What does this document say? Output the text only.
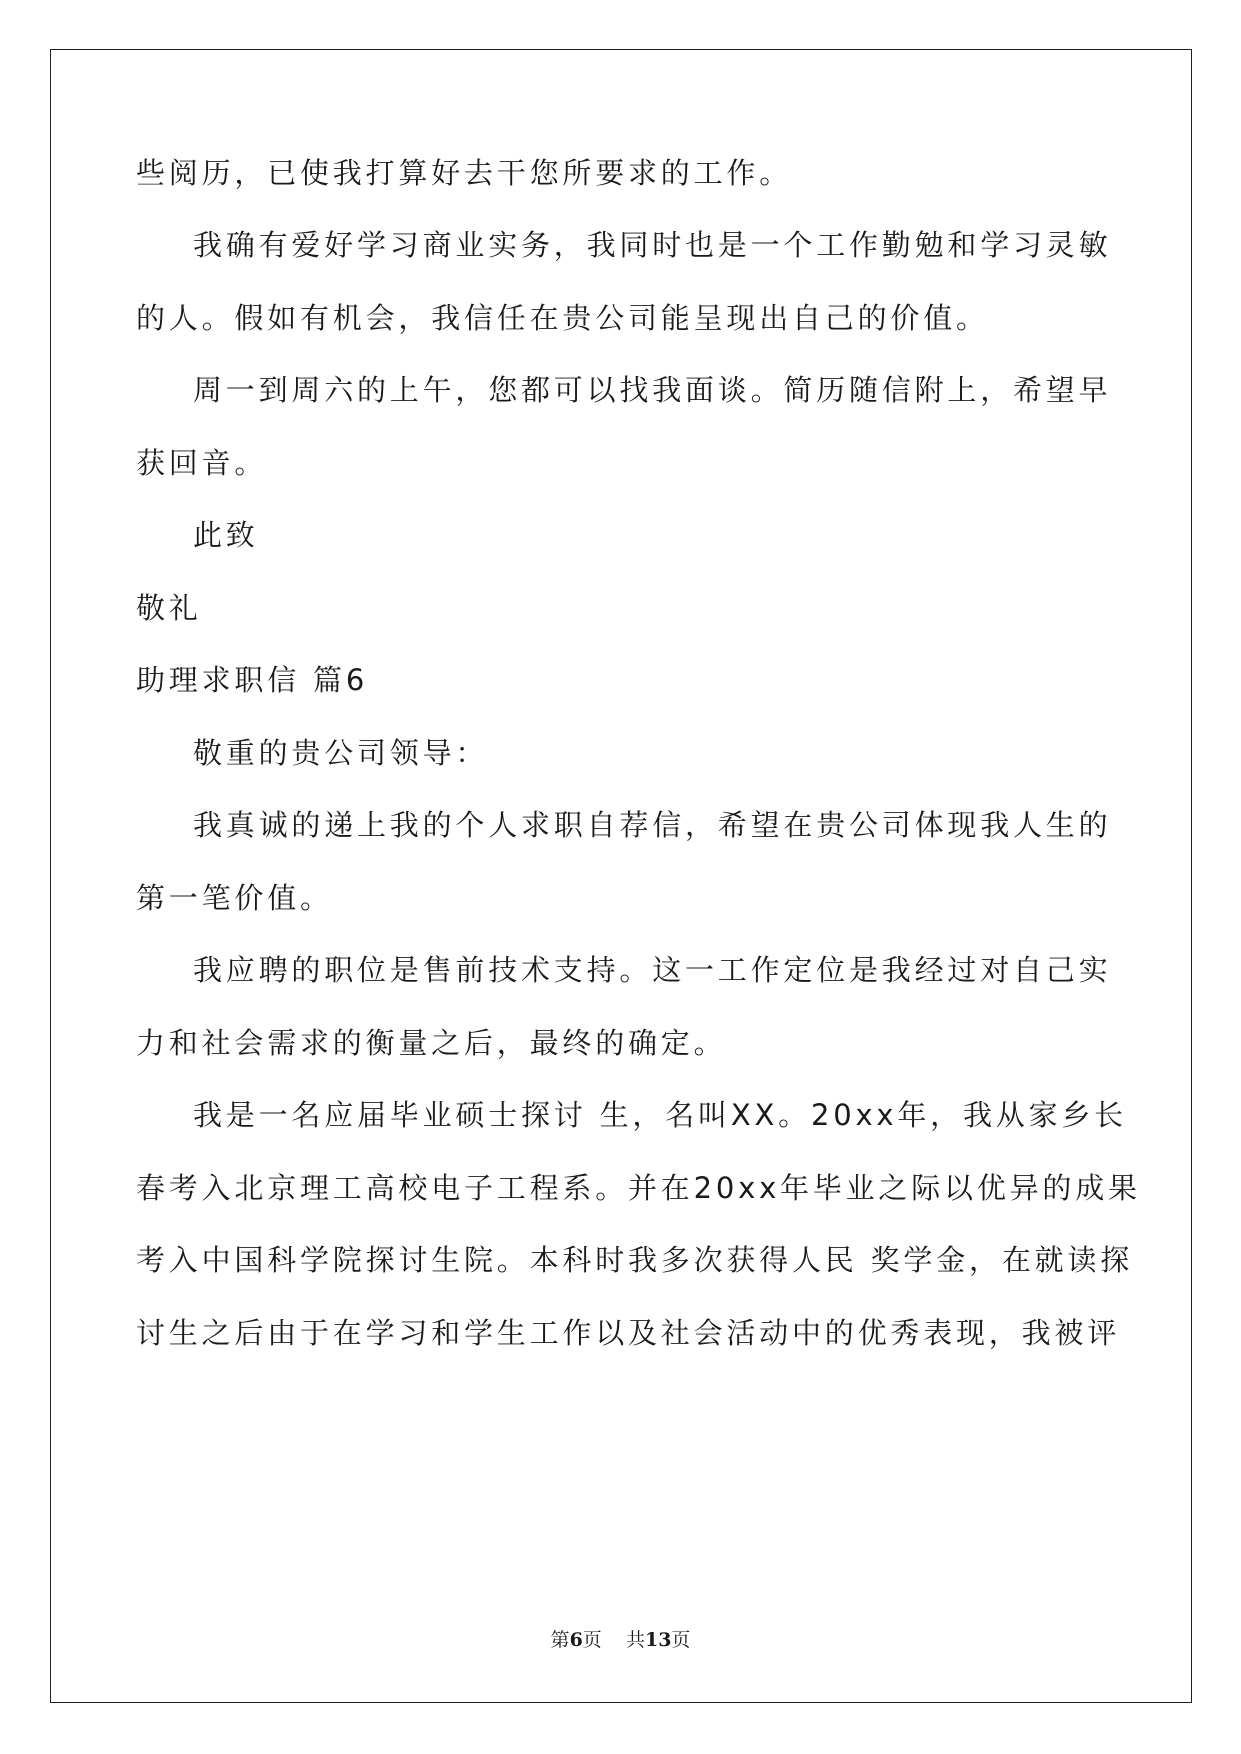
些阅历，已使我打算好去干您所要求的工作。
我确有爱好学习商业实务，我同时也是一个工作勤勉和学习灵敏
的人。假如有机会，我信任在贵公司能呈现出自己的价值。
周一到周六的上午，您都可以找我面谈。简历随信附上，希望早
获回音。
此致
敬礼
助理求职信 篇6
敬重的贵公司领导：
我真诚的递上我的个人求职自荐信，希望在贵公司体现我人生的
第一笔价值。
我应聘的职位是售前技术支持。这一工作定位是我经过对自己实
力和社会需求的衡量之后，最终的确定。
我是一名应届毕业硕士探讨 生，名叫XX。20xx年，我从家乡长
春考入北京理工高校电子工程系。并在20xx年毕业之际以优异的成果
考入中国科学院探讨生院。本科时我多次获得人民 奖学金，在就读探
讨生之后由于在学习和学生工作以及社会活动中的优秀表现，我被评
第6页    共13页
